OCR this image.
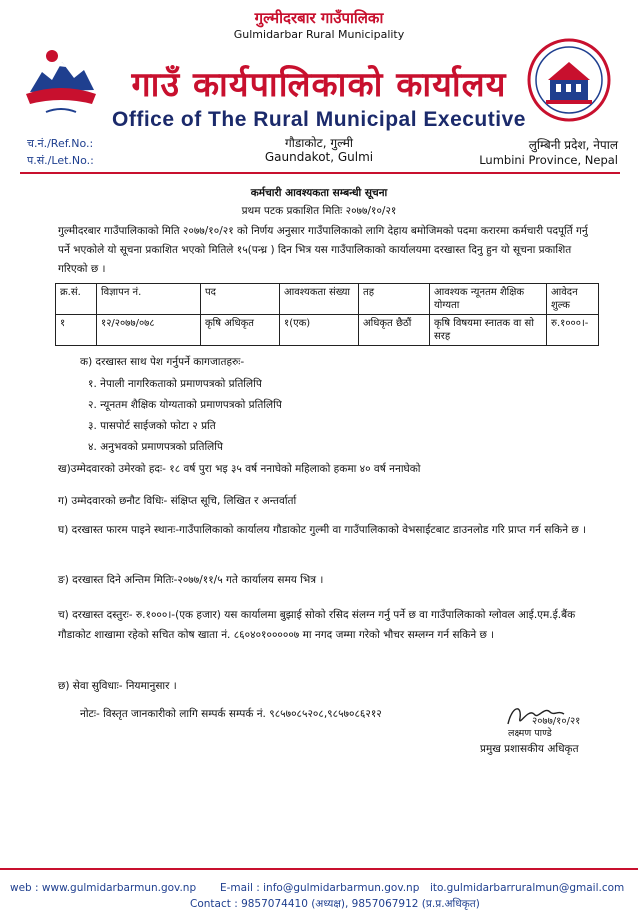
गुल्मीदरबार गाउँपालिका
Gulmidarbar Rural Municipality
गाउँ कार्यपालिकाको कार्यालय
Office of The Rural Municipal Executive
गौडाकोट, गुल्मी
Gaundakot, Gulmi
च.नं./Ref.No.:
प.सं./Let.No.:
लुम्बिनी प्रदेश, नेपाल
Lumbini Province, Nepal
कर्मचारी आवश्यकता सम्बन्धी सूचना
प्रथम पटक प्रकाशित मितिः २०७७/१०/२१
गुल्मीदरबार गाउँपालिकाको मिति २०७७/१०/२१ को निर्णय अनुसार गाउँपालिकाको लागि देहाय बमोजिमको पदमा करारमा कर्मचारी पदपूर्ति गर्नु पर्ने भएकोले यो सूचना प्रकाशित भएको मितिले १५(पन्ध्र ) दिन भित्र यस गाउँपालिकाको कार्यालयमा दरखास्त दिनु हुन यो सूचना प्रकाशित गरिएको छ ।
क्र.सं.	विज्ञापन नं.	पद	आवश्यकता संख्या	तह	आवश्यक न्यूनतम शैक्षिक योग्यता	आवेदन शुल्क
१	१२/२०७७/०७८	कृषि अधिकृत	१(एक)	अधिकृत छैठौं	कृषि विषयमा स्नातक वा सो सरह	रु.१०००।-
क) दरखास्त साथ पेश गर्नुपर्ने कागजातहरुः-
१. नेपाली नागरिकताको प्रमाणपत्रको प्रतिलिपि
२. न्यूनतम शैक्षिक योग्यताको प्रमाणपत्रको प्रतिलिपि
३. पासपोर्ट साईजको फोटा २ प्रति
४. अनुभवको प्रमाणपत्रको प्रतिलिपि
ख)उम्मेदवारको उमेरको हदः- १८ वर्ष पुरा भइ ३५ वर्ष ननाघेको महिलाको हकमा ४० वर्ष ननाघेको
ग) उम्मेदवारको छनौट विधिः- संक्षिप्त सूचि, लिखित र अन्तर्वार्ता
घ) दरखास्त फारम पाइने स्थानः-गाउँपालिकाको कार्यालय गौडाकोट गुल्मी वा गाउँपालिकाको वेभसाईटबाट डाउनलोड गरि प्राप्त गर्न सकिने छ ।
ङ) दरखास्त दिने अन्तिम मितिः-२०७७/११/५ गते कार्यालय समय भित्र ।
च) दरखास्त दस्तुरः- रु.१०००।-(एक हजार) यस कार्यालमा बुझाई सोको रसिद संलग्न गर्नु पर्ने छ वा गाउँपालिकाको ग्लोवल आई.एम.ई.बैंक गौडाकोट शाखामा रहेको सचित कोष खाता नं. ८६०४०१०००००७ मा नगद जम्मा गरेको भौचर सम्लग्न गर्न सकिने छ ।
छ) सेवा सुविधाः- नियमानुसार ।
नोटः- विस्तृत जानकारीको लागि सम्पर्क सम्पर्क नं. ९८५७०८५२०८,९८५७०८६२१२
२०७७/१०/२१
लक्ष्मण पाण्डे
प्रमुख प्रशासकीय अधिकृत
web : www.gulmidarbarmun.gov.np E-mail : info@gulmidarbarmun.gov.np ito.gulmidarbarruralmun@gmail.com
Contact : 9857074410 (अध्यक्ष), 9857067912 (प्र.प्र.अधिकृत)
